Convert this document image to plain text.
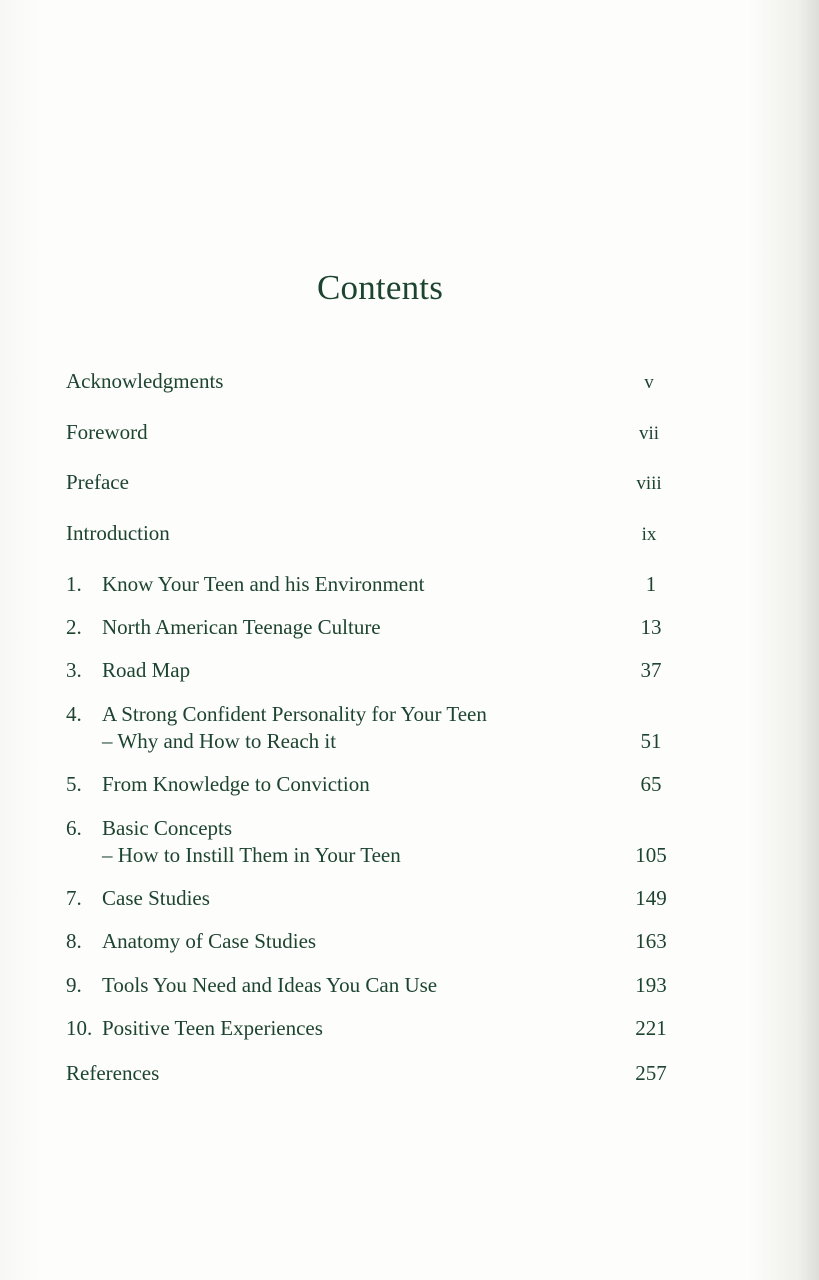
Contents
Acknowledgments	v
Foreword	vii
Preface	viii
Introduction	ix
1. Know Your Teen and his Environment	1
2. North American Teenage Culture	13
3. Road Map	37
4. A Strong Confident Personality for Your Teen
– Why and How to Reach it	51
5. From Knowledge to Conviction	65
6. Basic Concepts
– How to Instill Them in Your Teen	105
7. Case Studies	149
8. Anatomy of Case Studies	163
9. Tools You Need and Ideas You Can Use	193
10. Positive Teen Experiences	221
References	257
